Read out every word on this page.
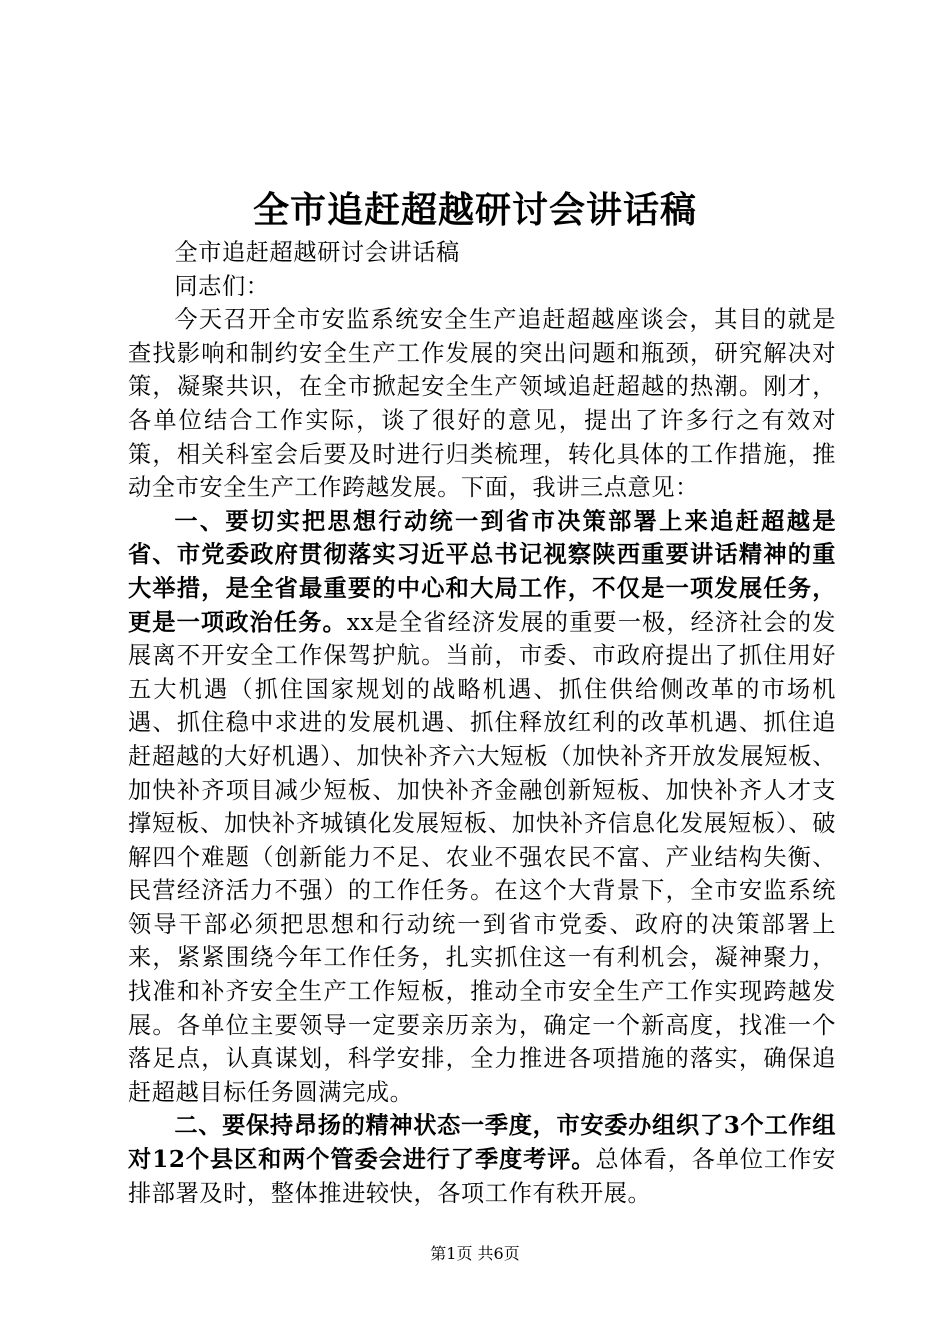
全市追赶超越研讨会讲话稿

全市追赶超越研讨会讲话稿

同志们：

今天召开全市安监系统安全生产追赶超越座谈会，其目的就是查找影响和制约安全生产工作发展的突出问题和瓶颈，研究解决对策，凝聚共识，在全市掀起安全生产领域追赶超越的热潮。刚才，各单位结合工作实际，谈了很好的意见，提出了许多行之有效对策，相关科室会后要及时进行归类梳理，转化具体的工作措施，推动全市安全生产工作跨越发展。下面，我讲三点意见：

一、要切实把思想行动统一到省市决策部署上来追赶超越是省、市党委政府贯彻落实习近平总书记视察陕西重要讲话精神的重大举措，是全省最重要的中心和大局工作，不仅是一项发展任务，更是一项政治任务。xx是全省经济发展的重要一极，经济社会的发展离不开安全工作保驾护航。当前，市委、市政府提出了抓住用好五大机遇（抓住国家规划的战略机遇、抓住供给侧改革的市场机遇、抓住稳中求进的发展机遇、抓住释放红利的改革机遇、抓住追赶超越的大好机遇）、加快补齐六大短板（加快补齐开放发展短板、加快补齐项目减少短板、加快补齐金融创新短板、加快补齐人才支撑短板、加快补齐城镇化发展短板、加快补齐信息化发展短板）、破解四个难题（创新能力不足、农业不强农民不富、产业结构失衡、民营经济活力不强）的工作任务。在这个大背景下，全市安监系统领导干部必须把思想和行动统一到省市党委、政府的决策部署上来，紧紧围绕今年工作任务，扎实抓住这一有利机会，凝神聚力，找准和补齐安全生产工作短板，推动全市安全生产工作实现跨越发展。各单位主要领导一定要亲历亲为，确定一个新高度，找准一个落足点，认真谋划，科学安排，全力推进各项措施的落实，确保追赶超越目标任务圆满完成。

二、要保持昂扬的精神状态一季度，市安委办组织了3个工作组对12个县区和两个管委会进行了季度考评。总体看，各单位工作安排部署及时，整体推进较快，各项工作有秩开展。

第1页 共6页
